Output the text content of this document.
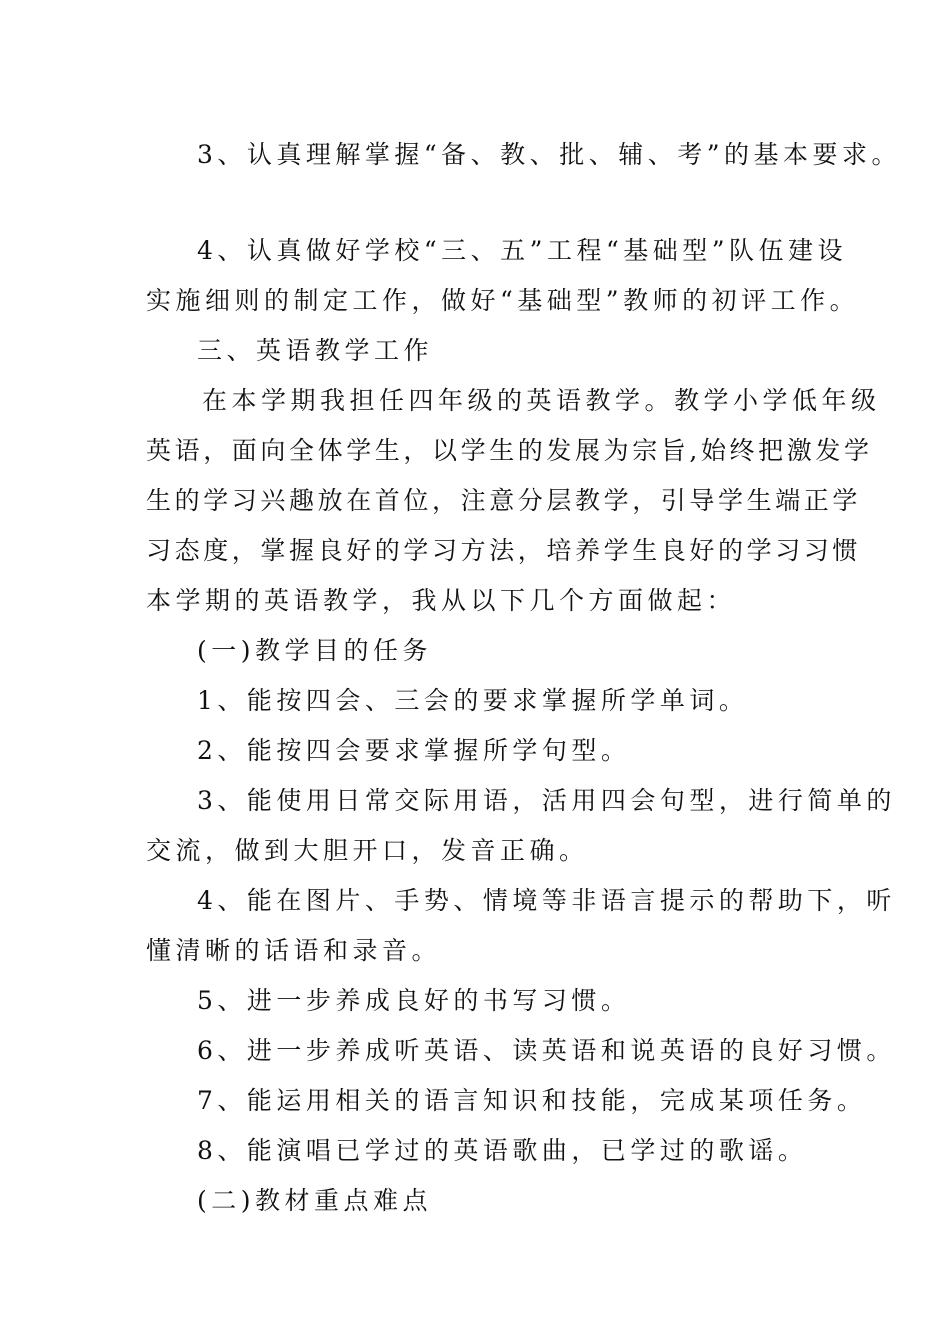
3、认真理解掌握“备、教、批、辅、考”的基本要求。
4、认真做好学校“三、五”工程“基础型”队伍建设
实施细则的制定工作，做好“基础型”教师的初评工作。
三、英语教学工作
在本学期我担任四年级的英语教学。教学小学低年级
英语，面向全体学生，以学生的发展为宗旨,始终把激发学
生的学习兴趣放在首位，注意分层教学，引导学生端正学
习态度，掌握良好的学习方法，培养学生良好的学习习惯
本学期的英语教学，我从以下几个方面做起：
(一)教学目的任务
1、能按四会、三会的要求掌握所学单词。
2、能按四会要求掌握所学句型。
3、能使用日常交际用语，活用四会句型，进行简单的
交流，做到大胆开口，发音正确。
4、能在图片、手势、情境等非语言提示的帮助下，听
懂清晰的话语和录音。
5、进一步养成良好的书写习惯。
6、进一步养成听英语、读英语和说英语的良好习惯。
7、能运用相关的语言知识和技能，完成某项任务。
8、能演唱已学过的英语歌曲，已学过的歌谣。
(二)教材重点难点
